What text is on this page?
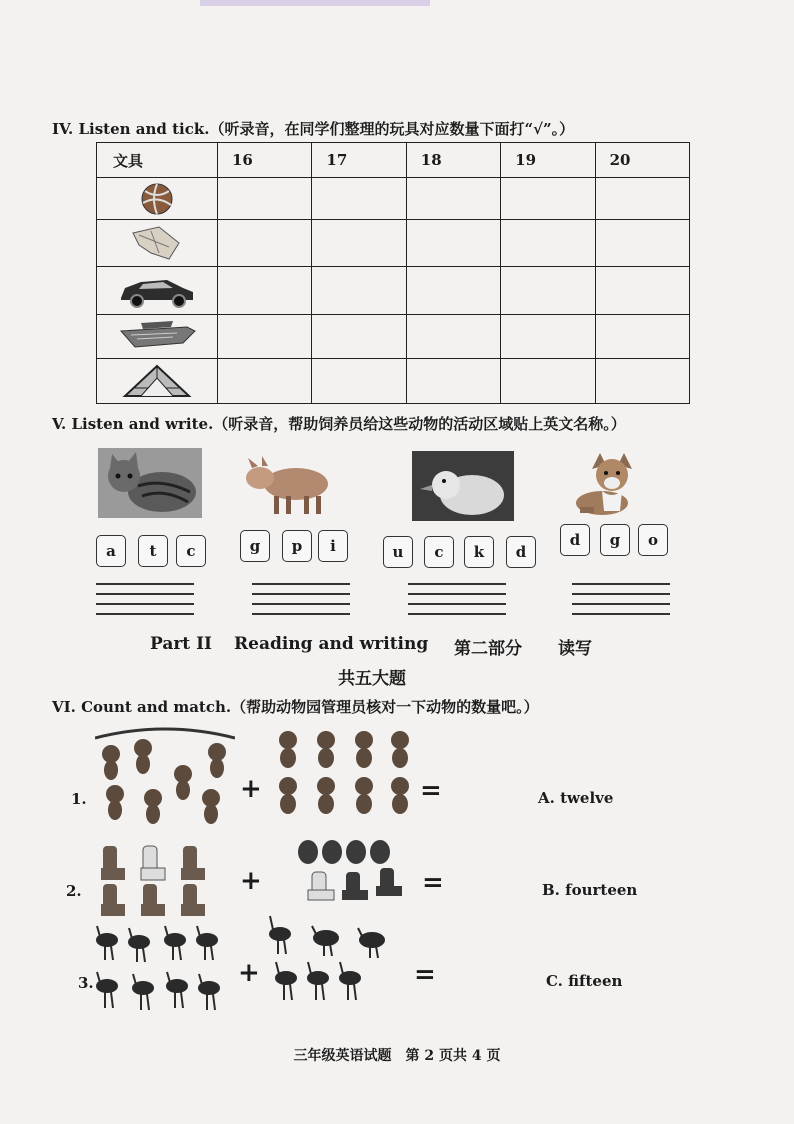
IV. Listen and tick.（听录音，在同学们整理的玩具对应数量下面打“√”。）
文具	16	17	18	19	20

V. Listen and write.（听录音，帮助饲养员给这些动物的活动区域贴上英文名称。）
a	t	c	g	p	i	u	c	k	d
d	g	o
Part II Reading and writing 第二部分 读写
共五大题
VI. Count and match.（帮助动物园管理员核对一下动物的数量吧。）
1.	+	=
2.	+	=
3.	+	=
A. twelve
B. fourteen
C. fifteen
三年级英语试题　第 2 页共 4 页
